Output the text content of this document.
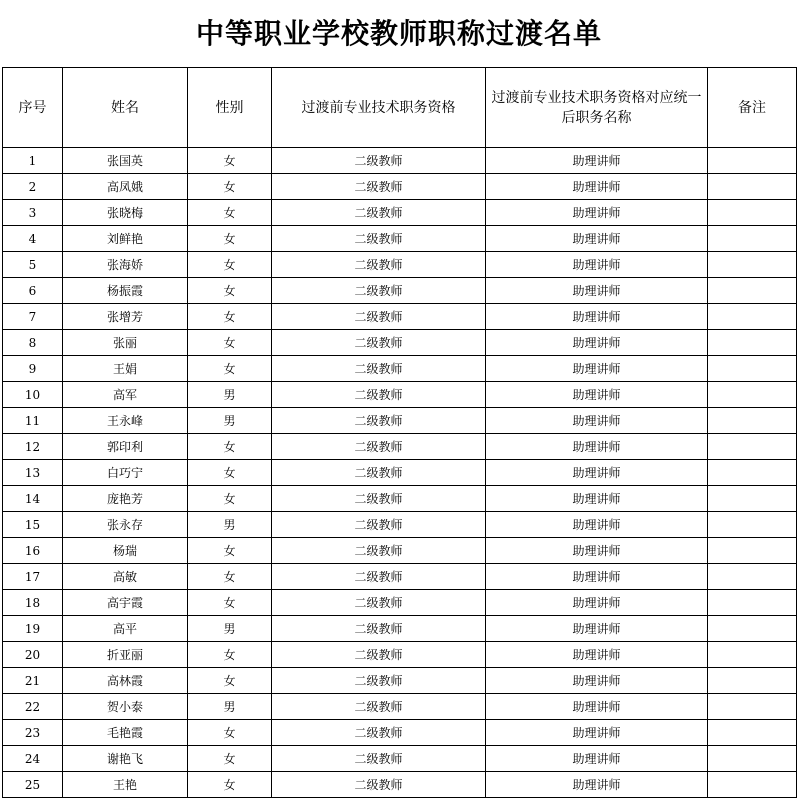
中等职业学校教师职称过渡名单
序号	姓名	性别	过渡前专业技术职务资格	过渡前专业技术职务资格对应统一后职务名称	备注
1	张国英	女	二级教师	助理讲师	
2	高凤娥	女	二级教师	助理讲师	
3	张晓梅	女	二级教师	助理讲师	
4	刘鲜艳	女	二级教师	助理讲师	
5	张海娇	女	二级教师	助理讲师	
6	杨振霞	女	二级教师	助理讲师	
7	张增芳	女	二级教师	助理讲师	
8	张丽	女	二级教师	助理讲师	
9	王娟	女	二级教师	助理讲师	
10	高军	男	二级教师	助理讲师	
11	王永峰	男	二级教师	助理讲师	
12	郭印利	女	二级教师	助理讲师	
13	白巧宁	女	二级教师	助理讲师	
14	庞艳芳	女	二级教师	助理讲师	
15	张永存	男	二级教师	助理讲师	
16	杨瑞	女	二级教师	助理讲师	
17	高敏	女	二级教师	助理讲师	
18	高宇霞	女	二级教师	助理讲师	
19	高平	男	二级教师	助理讲师	
20	折亚丽	女	二级教师	助理讲师	
21	高林霞	女	二级教师	助理讲师	
22	贺小泰	男	二级教师	助理讲师	
23	毛艳霞	女	二级教师	助理讲师	
24	谢艳飞	女	二级教师	助理讲师	
25	王艳	女	二级教师	助理讲师	
